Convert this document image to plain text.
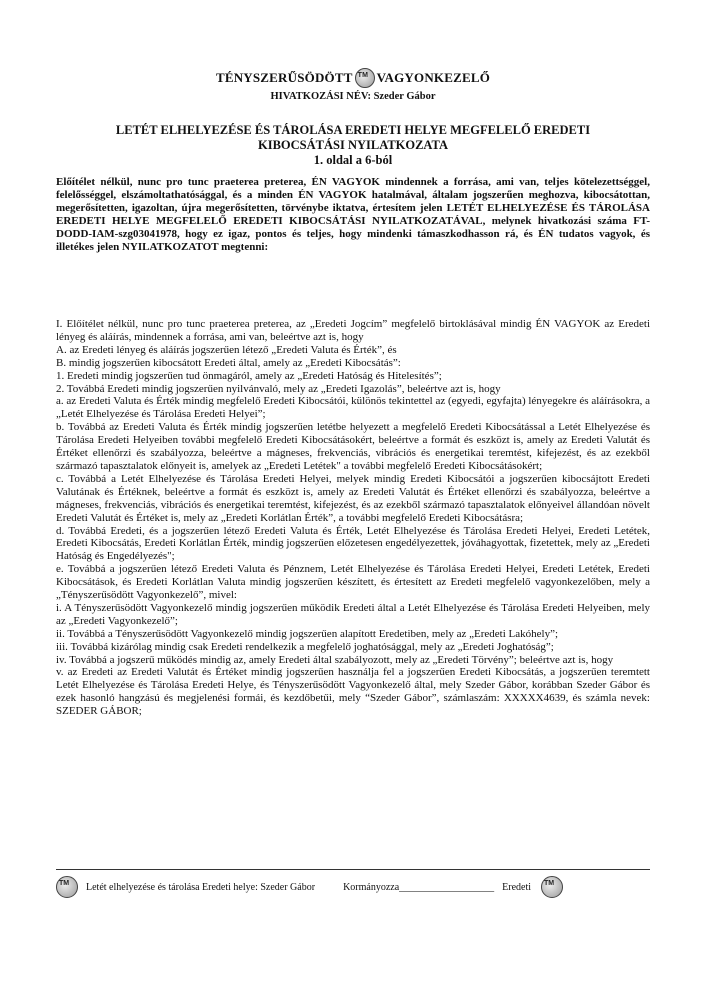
TÉNYSZERŰSÖDÖTT
TM VAGYONKEZELŐ
HIVATKOZÁSI NÉV: Szeder Gábor
LETÉT ELHELYEZÉSE ÉS TÁROLÁSA EREDETI HELYE MEGFELELŐ EREDETI
KIBOCSÁTÁSI NYILATKOZATA
1. oldal a 6-ból
Előítélet nélkül, nunc pro tunc praeterea preterea, ÉN VAGYOK mindennek a forrása, ami van, teljes kötelezettséggel, felelősséggel, elszámoltathatósággal, és a minden ÉN VAGYOK hatalmával, általam jogszerűen meghozva, kibocsátottan, megerősítetten, igazoltan, újra megerősítetten, törvénybe iktatva, értesítem jelen LETÉT ELHELYEZÉSE ÉS TÁROLÁSA EREDETI HELYE MEGFELELŐ EREDETI KIBOCSÁTÁSI NYILATKOZATÁVAL, melynek hivatkozási száma FT-DODD-IAM-szg03041978, hogy ez igaz, pontos és teljes, hogy mindenki támaszkodhasson rá, és ÉN tudatos vagyok, és illetékes jelen NYILATKOZATOT megtenni:

I. Előítélet nélkül, nunc pro tunc praeterea preterea, az „Eredeti Jogcím” megfelelő birtoklásával mindig ÉN VAGYOK az Eredeti lényeg és aláírás, mindennek a forrása, ami van, beleértve azt is, hogy

A. az Eredeti lényeg és aláírás jogszerűen létező „Eredeti Valuta és Érték”, és

B. mindig jogszerűen kibocsátott Eredeti által, amely az „Eredeti Kibocsátás”:

1. Eredeti mindig jogszerűen tud önmagáról, amely az „Eredeti Hatóság és Hitelesítés”;

2. Továbbá Eredeti mindig jogszerűen nyilvánvaló, mely az „Eredeti Igazolás”, beleértve azt is, hogy

a. az Eredeti Valuta és Érték mindig megfelelő Eredeti Kibocsátói, különös tekintettel az (egyedi, egyfajta) lényegekre és aláírásokra, a „Letét Elhelyezése és Tárolása Eredeti Helyei”;

b. Továbbá az Eredeti Valuta és Érték mindig jogszerűen letétbe helyezett a megfelelő Eredeti Kibocsátással a Letét Elhelyezése és Tárolása Eredeti Helyeiben további megfelelő Eredeti Kibocsátásokért, beleértve a formát és eszközt is, amely az Eredeti Valutát és Értéket ellenőrzi és szabályozza, beleértve a mágneses, frekvenciás, vibrációs és energetikai teremtést, kifejezést, és az ezekből származó tapasztalatok előnyeit is, amelyek az „Eredeti Letétek" a további megfelelő Eredeti Kibocsátásokért;

c. Továbbá a Letét Elhelyezése és Tárolása Eredeti Helyei, melyek mindig Eredeti Kibocsátói a jogszerűen kibocsájtott Eredeti Valutának és Értéknek, beleértve a formát és eszközt is, amely az Eredeti Valutát és Értéket ellenőrzi és szabályozza, beleértve a mágneses, frekvenciás, vibrációs és energetikai teremtést, kifejezést, és az ezekből származó tapasztalatok előnyeivel állandóan növelt Eredeti Valutát és Értéket is, mely az „Eredeti Korlátlan Érték”, a további megfelelő Eredeti Kibocsátásra;

d. Továbbá Eredeti, és a jogszerűen létező Eredeti Valuta és Érték, Letét Elhelyezése és Tárolása Eredeti Helyei, Eredeti Letétek, Eredeti Kibocsátás, Eredeti Korlátlan Érték, mindig jogszerűen előzetesen engedélyezettek, jóváhagyottak, fizetettek, mely az „Eredeti Hatóság és Engedélyezés";

e. Továbbá a jogszerűen létező Eredeti Valuta és Pénznem, Letét Elhelyezése és Tárolása Eredeti Helyei, Eredeti Letétek, Eredeti Kibocsátások, és Eredeti Korlátlan Valuta mindig jogszerűen készített, és értesített az Eredeti megfelelő vagyonkezelőben, mely a „Tényszerűsödött Vagyonkezelő”, mivel:

i. A Tényszerűsödött Vagyonkezelő mindig jogszerűen működik Eredeti által a Letét Elhelyezése és Tárolása Eredeti Helyeiben, mely az „Eredeti Vagyonkezelő”;

ii. Továbbá a Tényszerűsödött Vagyonkezelő mindig jogszerűen alapított Eredetiben, mely az „Eredeti Lakóhely”;

iii. Továbbá kizárólag mindig csak Eredeti rendelkezik a megfelelő joghatósággal, mely az „Eredeti Joghatóság”;

iv. Továbbá a jogszerű működés mindig az, amely Eredeti által szabályozott, mely az „Eredeti Törvény”; beleértve azt is, hogy

v. az Eredeti az Eredeti Valutát és Értéket mindig jogszerűen használja fel a jogszerűen Eredeti Kibocsátás, a jogszerűen teremtett Letét Elhelyezése és Tárolása Eredeti Helye, és Tényszerűsödött Vagyonkezelő által, mely Szeder Gábor, korábban Szeder Gábor és ezek hasonló hangzású és megjelenési formái, és kezdőbetűi, mely “Szeder Gábor”, számlaszám: XXXXX4639, és számla nevek: SZEDER GÁBOR;

TM
Letét elhelyezése és tárolása Eredeti helye: Szeder Gábor	Kormányozza___________________ Eredeti
TM
